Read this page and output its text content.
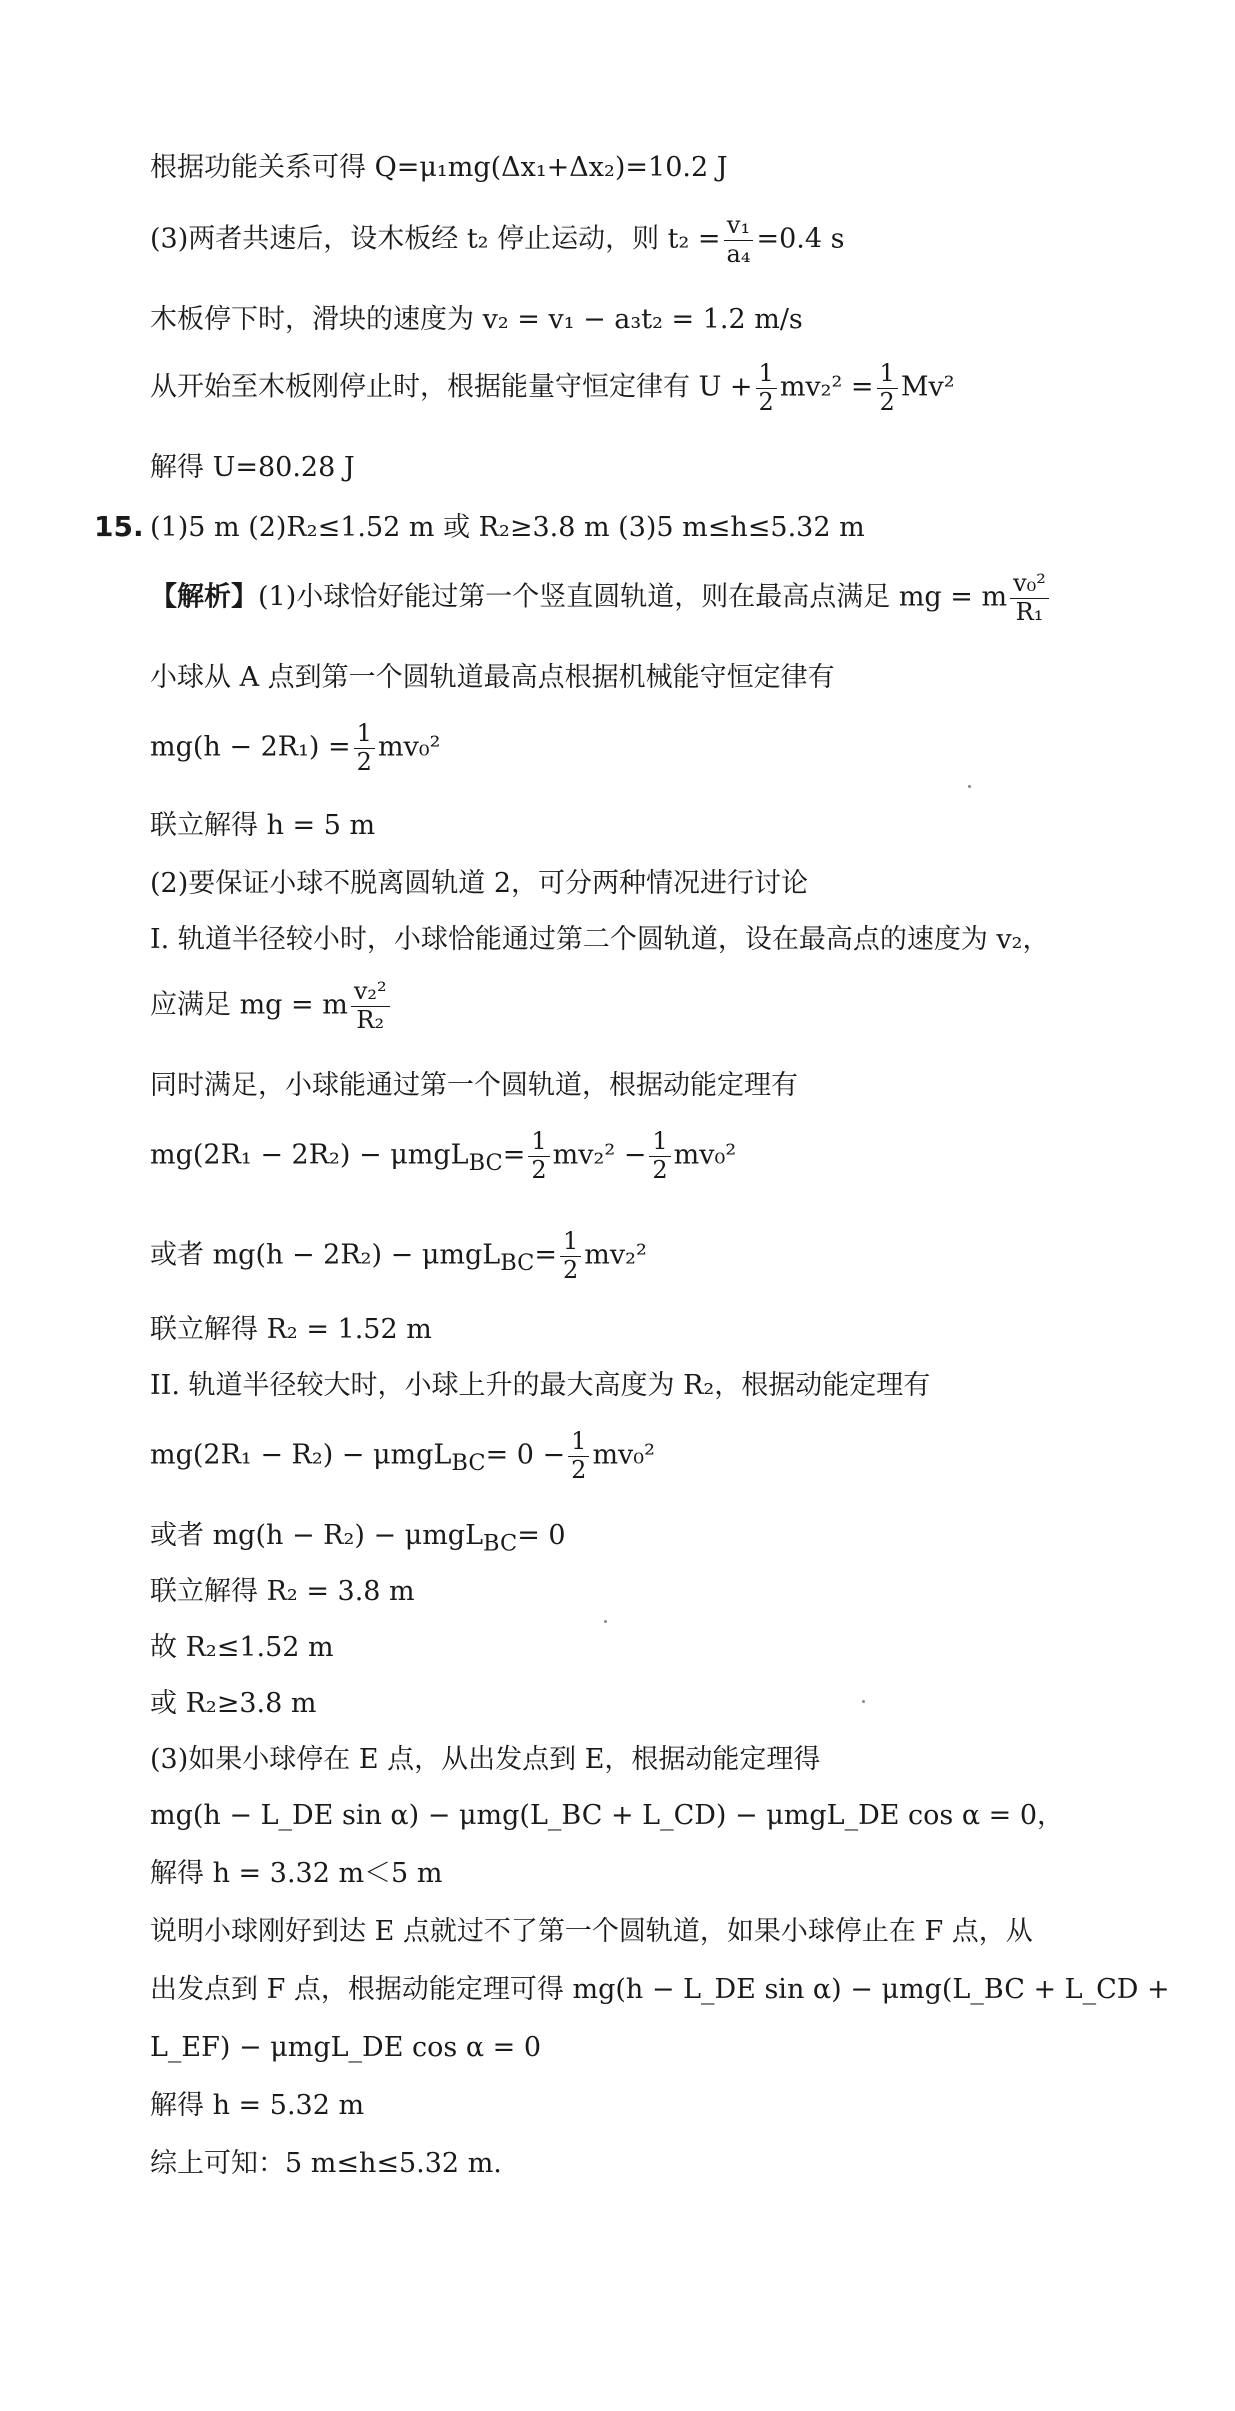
根据功能关系可得 Q=μ₁mg(Δx₁+Δx₂)=10.2 J
(3)两者共速后，设木板经 t₂ 停止运动，则 $t_2 = \frac{\text{v₁}}{\text{a₄}} =0.4$ s
木板停下时，滑块的速度为 v₂ = v₁ − a₃t₂ = 1.2 m/s
从开始至木板刚停止时，根据能量守恒定律有 $U + \frac{1}{2} mv_2^2 = \frac{1}{2} Mv^2$
解得 U=80.28 J
15. (1)5 m (2)R₂≤1.52 m 或 R₂≥3.8 m (3)5 m≤h≤5.32 m
【解析】(1)小球恰好能过第一个竖直圆轨道，则在最高点满足 mg = m $\frac{\text{v₀²}}{\text{R₁}}$
小球从 A 点到第一个圆轨道最高点根据机械能守恒定律有
$mg(h - 2R_1) = \frac{1}{2} mv_0^2$
联立解得 h = 5 m
(2)要保证小球不脱离圆轨道 2，可分两种情况进行讨论
I. 轨道半径较小时，小球恰能通过第二个圆轨道，设在最高点的速度为 v₂，
应满足 mg = m $\frac{\text{v₂²}}{\text{R₂}}$
同时满足，小球能通过第一个圆轨道，根据动能定理有
$mg(2R_1 - 2R_2) - \mu mgL_{BC}= \frac{1}{2} mv_2^2 - \frac{1}{2} mv_0^2$
或者 $mg(h - 2R_2) - \mu mgL_{BC}= \frac{1}{2} mv_2^2$
联立解得 R₂ = 1.52 m
II. 轨道半径较大时，小球上升的最大高度为 R₂，根据动能定理有
$mg(2R_1 - R_2) - \mu mgL_{BC}= 0 - \frac{1}{2} mv_0^2$
或者 mg(h − R₂) − μmgL$_{BC}$= 0
联立解得 R₂ = 3.8 m
故 R₂≤1.52 m
或 R₂≥3.8 m
(3)如果小球停在 E 点，从出发点到 E，根据动能定理得
mg(h − L_DE sin α) − μmg(L_BC + L_CD) − μmgL_DE cos α = 0，
解得 h = 3.32 m＜5 m
说明小球刚好到达 E 点就过不了第一个圆轨道，如果小球停止在 F 点，从
出发点到 F 点，根据动能定理可得 mg(h − L_DE sin α) − μmg(L_BC + L_CD +
L_EF) − μmgL_DE cos α = 0
解得 h = 5.32 m
综上可知：5 m≤h≤5.32 m.
